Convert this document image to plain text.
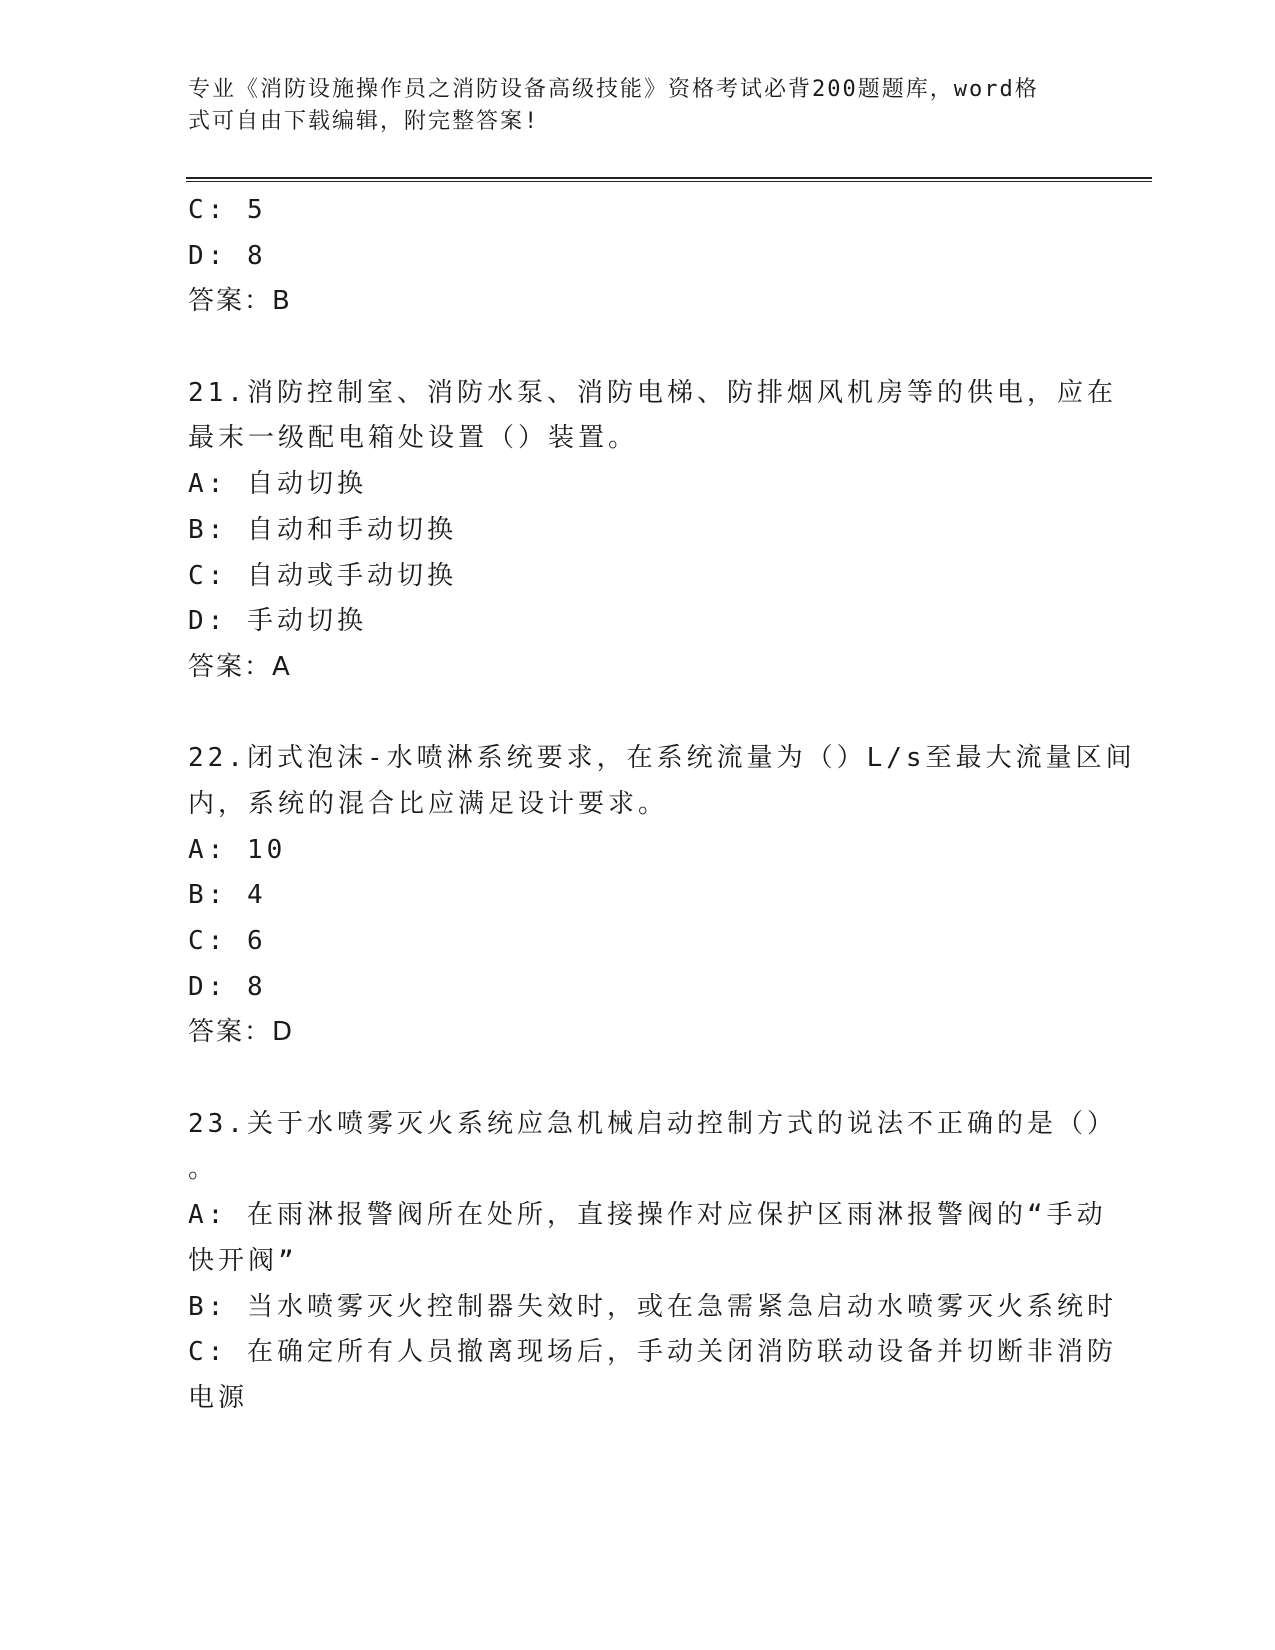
专业《消防设施操作员之消防设备高级技能》资格考试必背200题题库，word格
式可自由下载编辑，附完整答案!
C: 5
D: 8
答案：B
21.消防控制室、消防水泵、消防电梯、防排烟风机房等的供电，应在
最末一级配电箱处设置（）装置。
A: 自动切换
B: 自动和手动切换
C: 自动或手动切换
D: 手动切换
答案：A
22.闭式泡沫-水喷淋系统要求，在系统流量为（）L/s至最大流量区间
内，系统的混合比应满足设计要求。
A: 10
B: 4
C: 6
D: 8
答案：D
23.关于水喷雾灭火系统应急机械启动控制方式的说法不正确的是（）
。
A: 在雨淋报警阀所在处所，直接操作对应保护区雨淋报警阀的“手动
快开阀”
B: 当水喷雾灭火控制器失效时，或在急需紧急启动水喷雾灭火系统时
C: 在确定所有人员撤离现场后，手动关闭消防联动设备并切断非消防
电源
